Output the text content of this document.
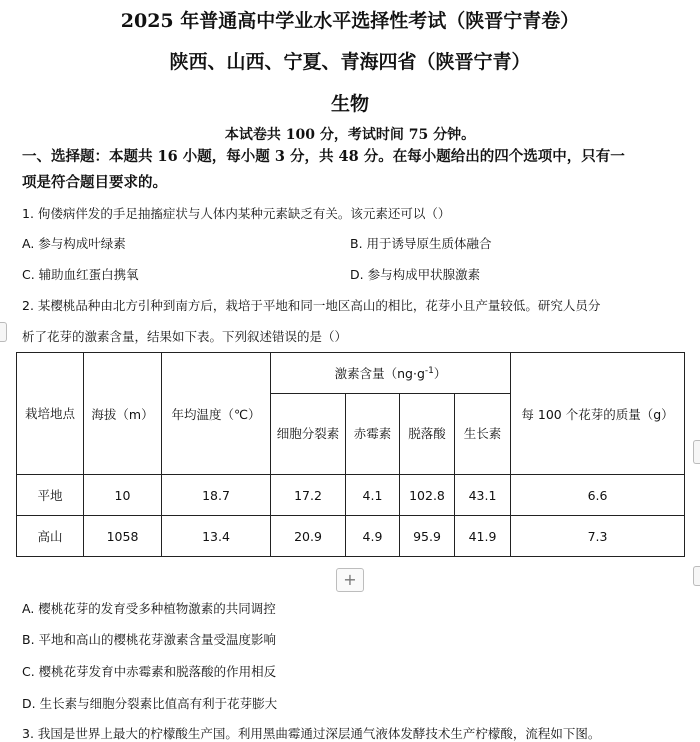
2025 年普通高中学业水平选择性考试（陕晋宁青卷）
陕西、山西、宁夏、青海四省（陕晋宁青）
生物
本试卷共 100 分，考试时间 75 分钟。
一、选择题：本题共 16 小题，每小题 3 分，共 48 分。在每小题给出的四个选项中，只有一
项是符合题目要求的。
1. 佝偻病伴发的手足抽搐症状与人体内某种元素缺乏有关。该元素还可以（）
A. 参与构成叶绿素	B. 用于诱导原生质体融合
C. 辅助血红蛋白携氧	D. 参与构成甲状腺激素
2. 某樱桃品种由北方引种到南方后，栽培于平地和同一地区高山的相比，花芽小且产量较低。研究人员分
析了花芽的激素含量，结果如下表。下列叙述错误的是（）
栽培地点	海拔（m）	年均温度（℃）	激素含量$(ng\cdot g^{-1})$				每 100 个花芽的质量（g）
			细胞分裂素	赤霉素	脱落酸	生长素	
平地	10	18.7	17.2	4.1	102.8	43.1	6.6
高山	1058	13.4	20.9	4.9	95.9	41.9	7.3
+
A. 樱桃花芽的发育受多种植物激素的共同调控
B. 平地和高山的樱桃花芽激素含量受温度影响
C. 樱桃花芽发育中赤霉素和脱落酸的作用相反
D. 生长素与细胞分裂素比值高有利于花芽膨大
3. 我国是世界上最大的柠檬酸生产国。利用黑曲霉通过深层通气液体发酵技术生产柠檬酸，流程如下图。
